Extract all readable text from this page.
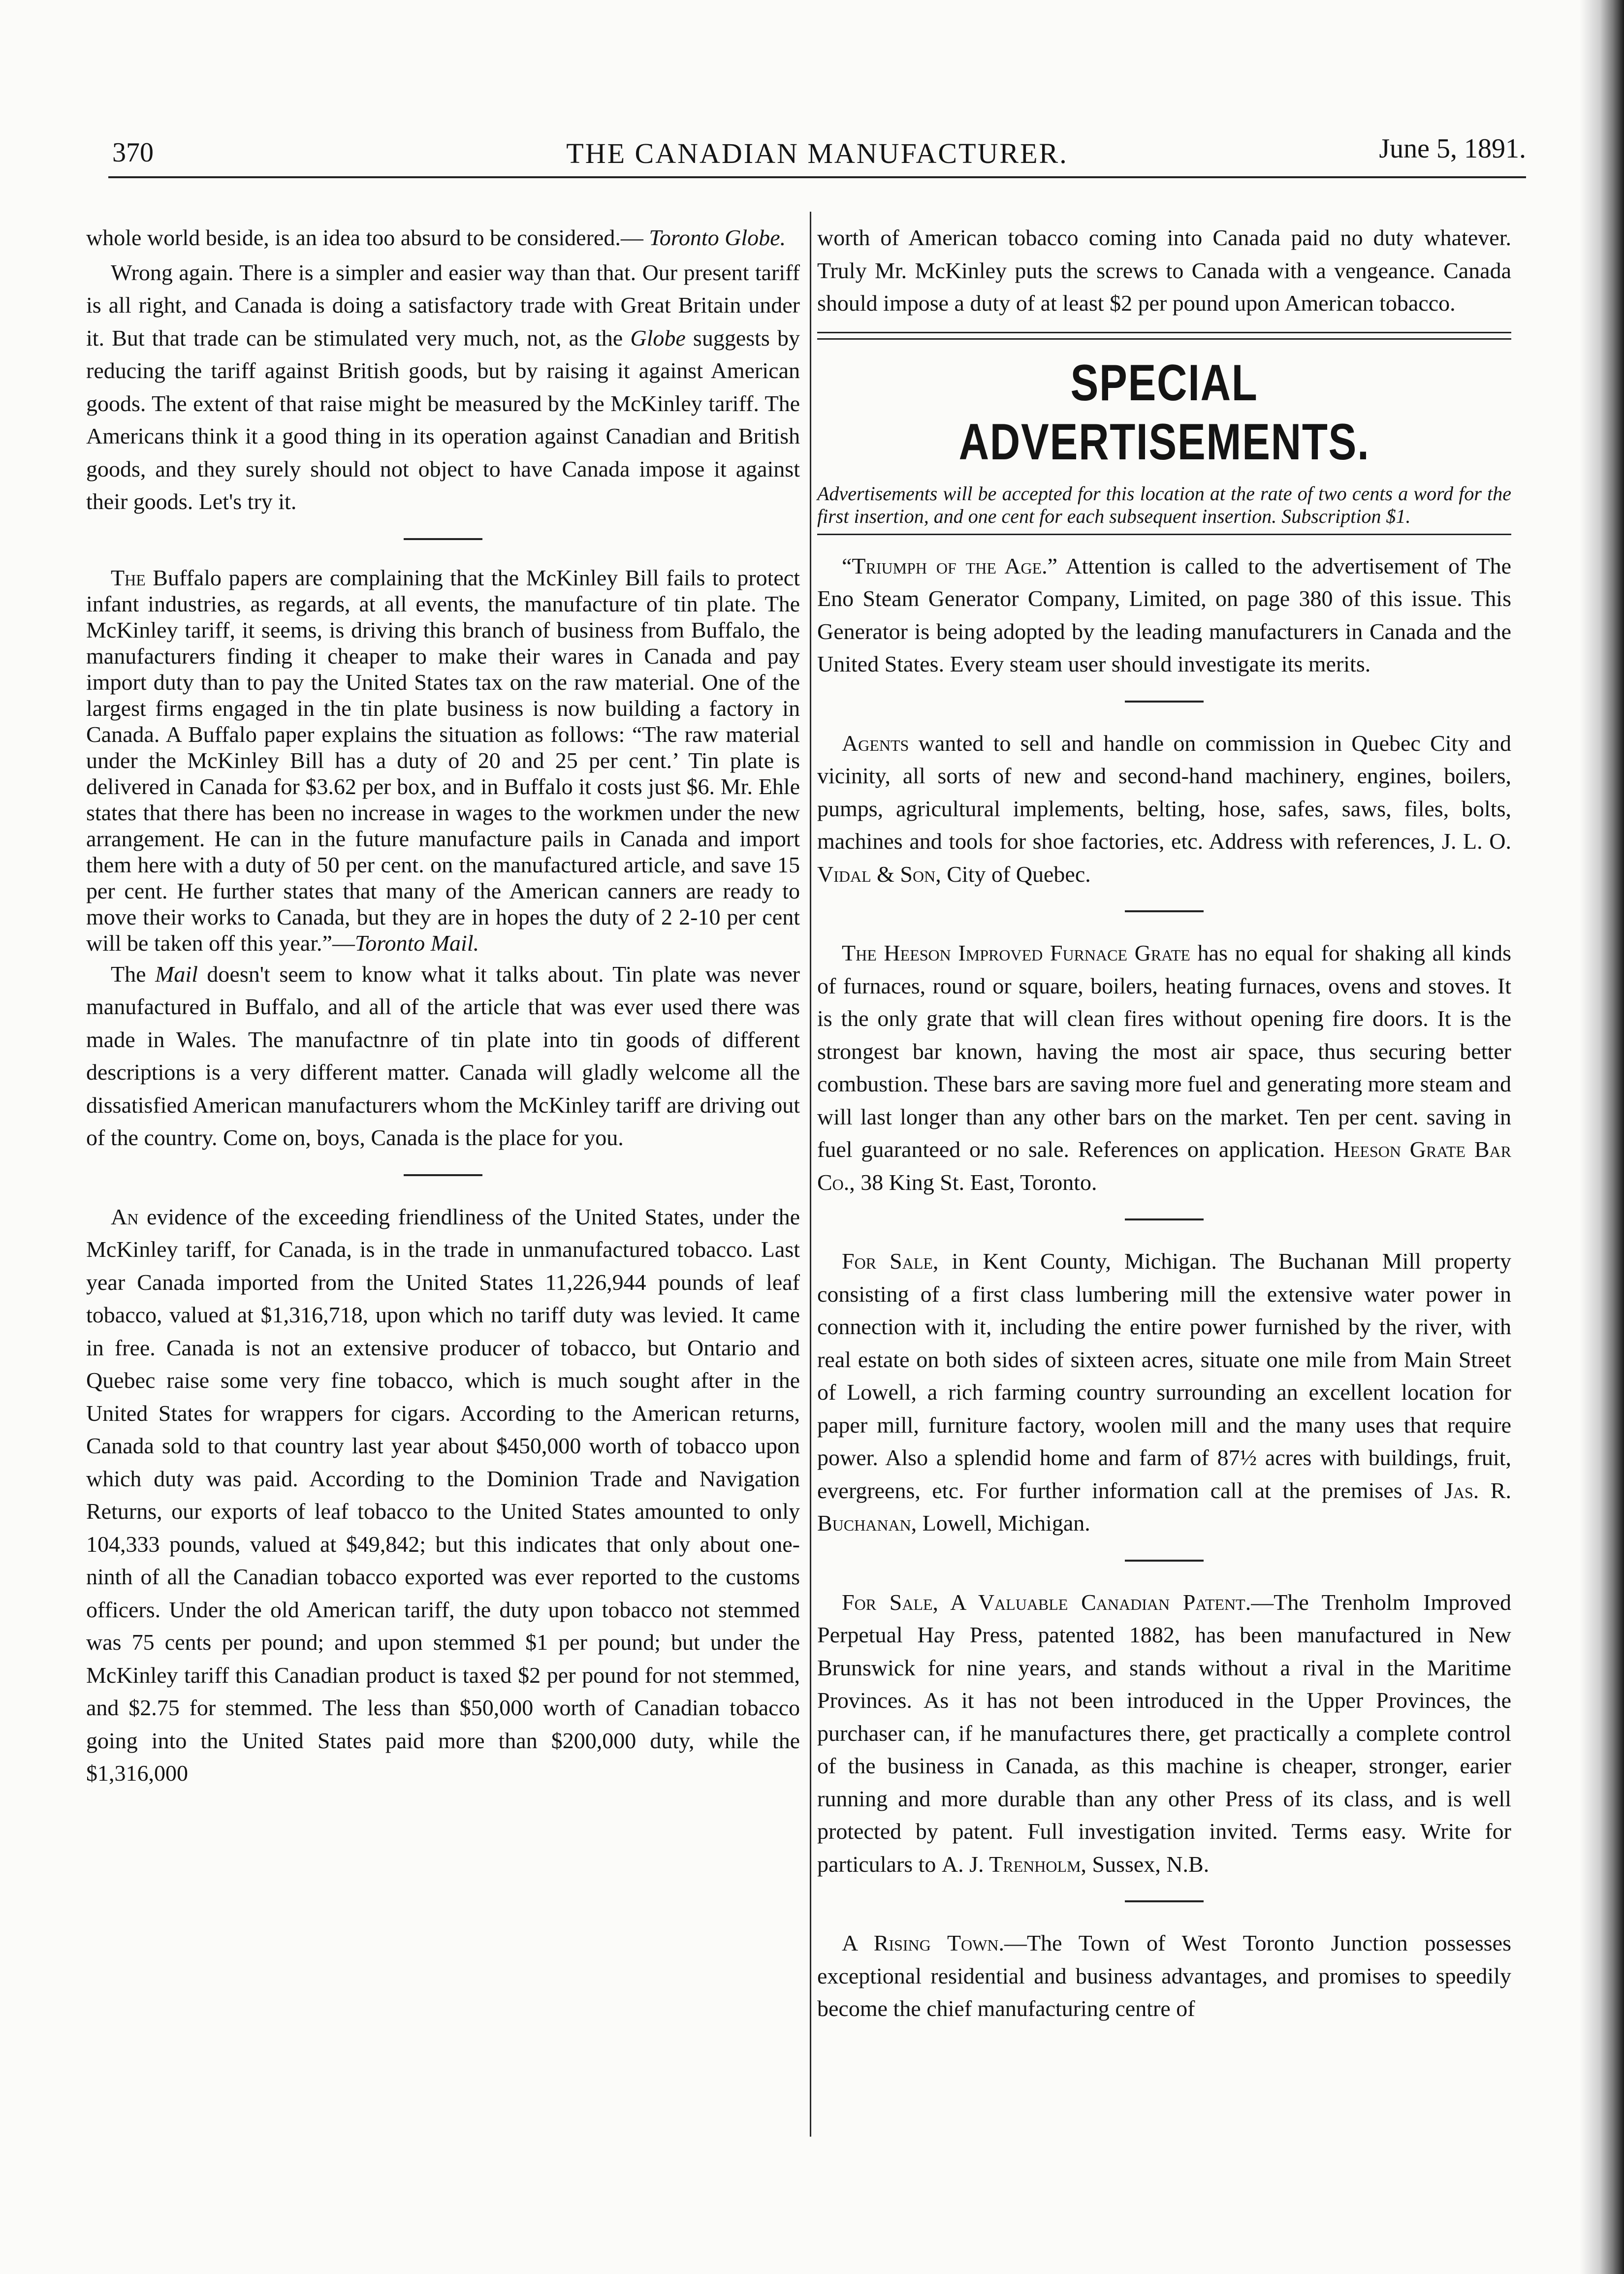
370	THE CANADIAN MANUFACTURER.	June 5, 1891.

whole world beside, is an idea too absurd to be considered.— Toronto Globe.

Wrong again. There is a simpler and easier way than that. Our present tariff is all right, and Canada is doing a satisfactory trade with Great Britain under it. But that trade can be stimulated very much, not, as the Globe suggests by reducing the tariff against British goods, but by raising it against American goods. The extent of that raise might be measured by the McKinley tariff. The Americans think it a good thing in its operation against Canadian and British goods, and they surely should not object to have Canada impose it against their goods. Let's try it.

The Buffalo papers are complaining that the McKinley Bill fails to protect infant industries, as regards, at all events, the manufacture of tin plate. The McKinley tariff, it seems, is driving this branch of business from Buffalo, the manufacturers finding it cheaper to make their wares in Canada and pay import duty than to pay the United States tax on the raw material. One of the largest firms engaged in the tin plate business is now building a factory in Canada. A Buffalo paper explains the situation as follows: “The raw material under the McKinley Bill has a duty of 20 and 25 per cent.’ Tin plate is delivered in Canada for $3.62 per box, and in Buffalo it costs just $6. Mr. Ehle states that there has been no increase in wages to the workmen under the new arrangement. He can in the future manufacture pails in Canada and import them here with a duty of 50 per cent. on the manufactured article, and save 15 per cent. He further states that many of the American canners are ready to move their works to Canada, but they are in hopes the duty of 2 2-10 per cent will be taken off this year.”—Toronto Mail.

The Mail doesn't seem to know what it talks about. Tin plate was never manufactured in Buffalo, and all of the article that was ever used there was made in Wales. The manufactnre of tin plate into tin goods of different descriptions is a very different matter. Canada will gladly welcome all the dissatisfied American manufacturers whom the McKinley tariff are driving out of the country. Come on, boys, Canada is the place for you.

An evidence of the exceeding friendliness of the United States, under the McKinley tariff, for Canada, is in the trade in unmanufactured tobacco. Last year Canada imported from the United States 11,226,944 pounds of leaf tobacco, valued at $1,316,718, upon which no tariff duty was levied. It came in free. Canada is not an extensive producer of tobacco, but Ontario and Quebec raise some very fine tobacco, which is much sought after in the United States for wrappers for cigars. According to the American returns, Canada sold to that country last year about $450,000 worth of tobacco upon which duty was paid. According to the Dominion Trade and Navigation Returns, our exports of leaf tobacco to the United States amounted to only 104,333 pounds, valued at $49,842; but this indicates that only about one-ninth of all the Canadian tobacco exported was ever reported to the customs officers. Under the old American tariff, the duty upon tobacco not stemmed was 75 cents per pound; and upon stemmed $1 per pound; but under the McKinley tariff this Canadian product is taxed $2 per pound for not stemmed, and $2.75 for stemmed. The less than $50,000 worth of Canadian tobacco going into the United States paid more than $200,000 duty, while the $1,316,000

worth of American tobacco coming into Canada paid no duty whatever. Truly Mr. McKinley puts the screws to Canada with a vengeance. Canada should impose a duty of at least $2 per pound upon American tobacco.

SPECIAL ADVERTISEMENTS.

Advertisements will be accepted for this location at the rate of two cents a word for the first insertion, and one cent for each subsequent insertion. Subscription $1.

“Triumph of the Age.” Attention is called to the advertisement of The Eno Steam Generator Company, Limited, on page 380 of this issue. This Generator is being adopted by the leading manufacturers in Canada and the United States. Every steam user should investigate its merits.

Agents wanted to sell and handle on commission in Quebec City and vicinity, all sorts of new and second-hand machinery, engines, boilers, pumps, agricultural implements, belting, hose, safes, saws, files, bolts, machines and tools for shoe factories, etc. Address with references, J. L. O. Vidal & Son, City of Quebec.

The Heeson Improved Furnace Grate has no equal for shaking all kinds of furnaces, round or square, boilers, heating furnaces, ovens and stoves. It is the only grate that will clean fires without opening fire doors. It is the strongest bar known, having the most air space, thus securing better combustion. These bars are saving more fuel and generating more steam and will last longer than any other bars on the market. Ten per cent. saving in fuel guaranteed or no sale. References on application. Heeson Grate Bar Co., 38 King St. East, Toronto.

For Sale, in Kent County, Michigan. The Buchanan Mill property consisting of a first class lumbering mill the extensive water power in connection with it, including the entire power furnished by the river, with real estate on both sides of sixteen acres, situate one mile from Main Street of Lowell, a rich farming country surrounding an excellent location for paper mill, furniture factory, woolen mill and the many uses that require power. Also a splendid home and farm of 87½ acres with buildings, fruit, evergreens, etc. For further information call at the premises of Jas. R. Buchanan, Lowell, Michigan.

For Sale, A Valuable Canadian Patent.—The Trenholm Improved Perpetual Hay Press, patented 1882, has been manufactured in New Brunswick for nine years, and stands without a rival in the Maritime Provinces. As it has not been introduced in the Upper Provinces, the purchaser can, if he manufactures there, get practically a complete control of the business in Canada, as this machine is cheaper, stronger, earier running and more durable than any other Press of its class, and is well protected by patent. Full investigation invited. Terms easy. Write for particulars to A. J. Trenholm, Sussex, N.B.

A Rising Town.—The Town of West Toronto Junction possesses exceptional residential and business advantages, and promises to speedily become the chief manufacturing centre of
